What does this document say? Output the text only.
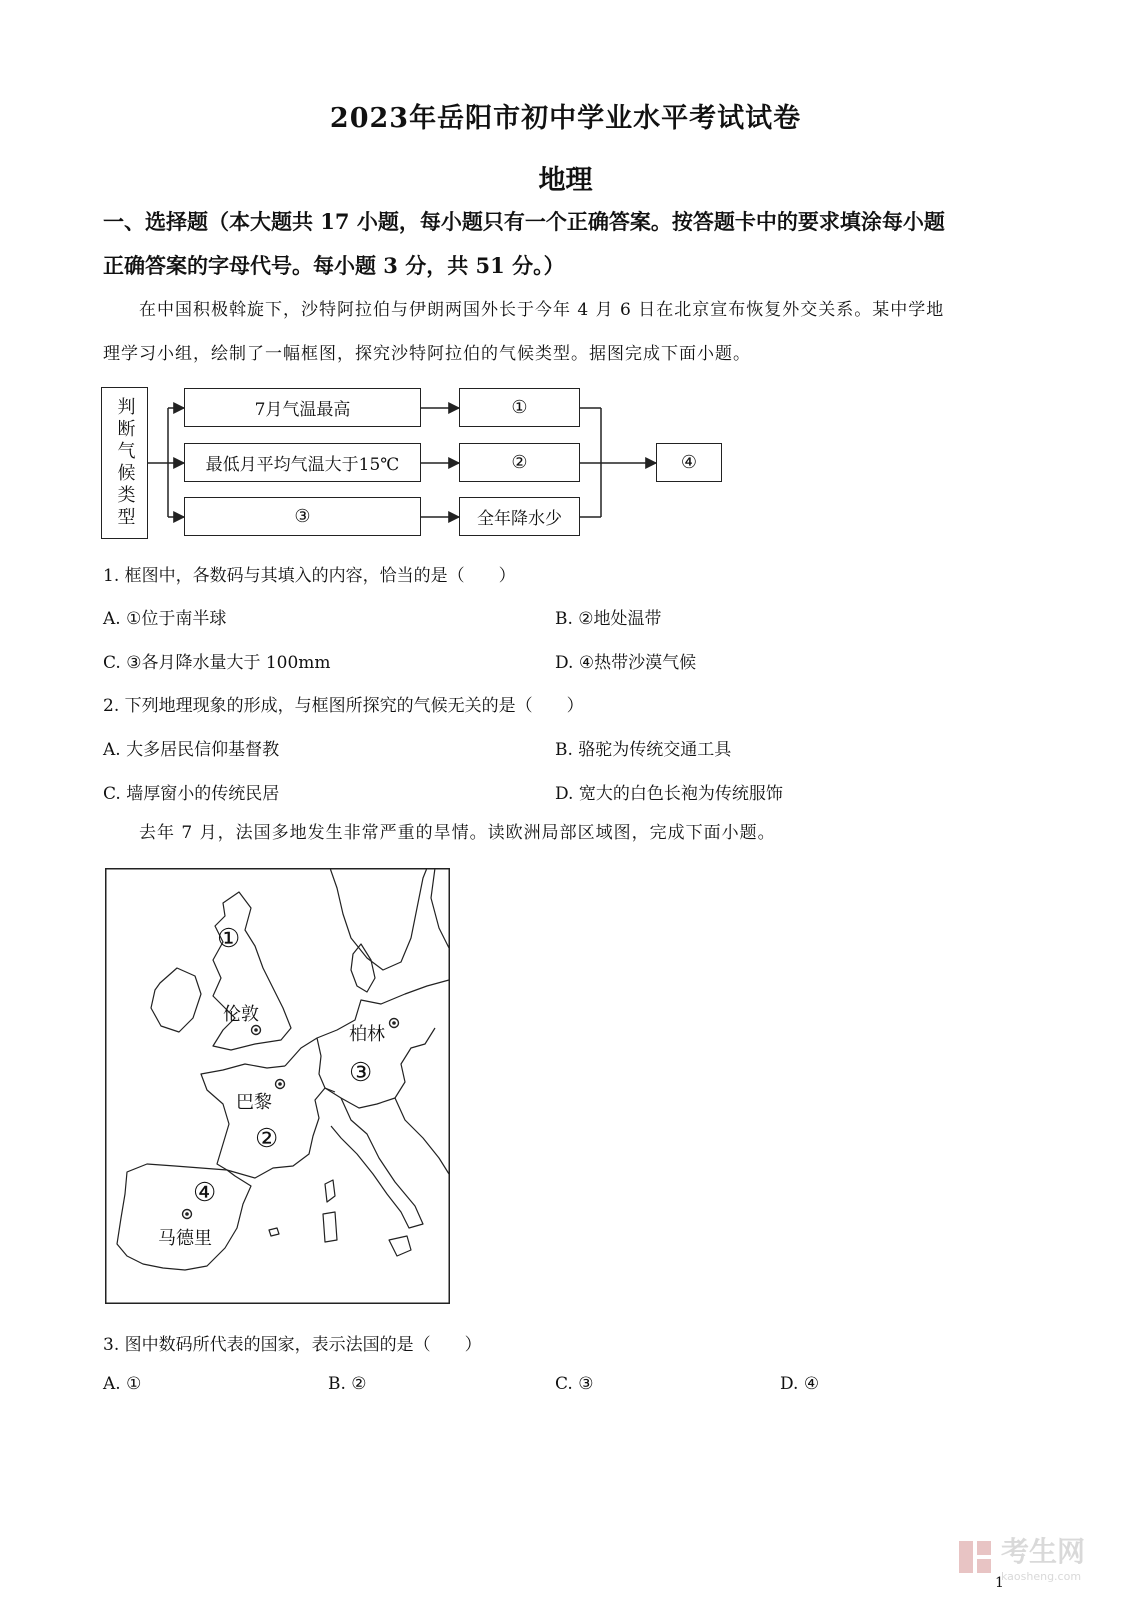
2023年岳阳市初中学业水平考试试卷
地理
一、选择题（本大题共 17 小题，每小题只有一个正确答案。按答题卡中的要求填涂每小题
正确答案的字母代号。每小题 3 分，共 51 分。）
在中国积极斡旋下，沙特阿拉伯与伊朗两国外长于今年 4 月 6 日在北京宣布恢复外交关系。某中学地
理学习小组，绘制了一幅框图，探究沙特阿拉伯的气候类型。据图完成下面小题。
判断气候类型	7月气温最高	①
最低月平均气温大于15℃	②
③	全年降水少
④
1. 框图中，各数码与其填入的内容，恰当的是（　　）
A. ①位于南半球	B. ②地处温带
C. ③各月降水量大于 100mm	D. ④热带沙漠气候
2. 下列地理现象的形成，与框图所探究的气候无关的是（　　）
A. 大多居民信仰基督教	B. 骆驼为传统交通工具
C. 墙厚窗小的传统民居	D. 宽大的白色长袍为传统服饰
去年 7 月，法国多地发生非常严重的旱情。读欧洲局部区域图，完成下面小题。
伦敦
柏林
巴黎
马德里
①
②
③
④
3. 图中数码所代表的国家，表示法国的是（　　）
A. ①	B. ②	C. ③	D. ④
考生网
kaosheng.com
1
